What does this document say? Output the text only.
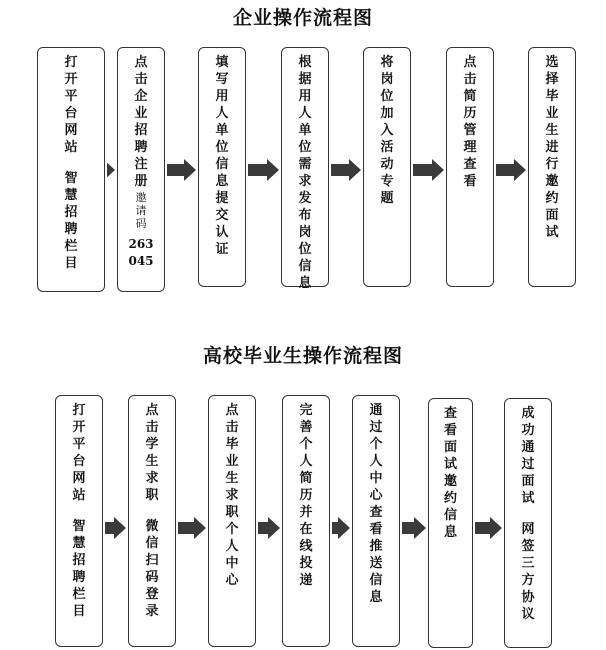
企业操作流程图
打开平台网站
智慧招聘栏目
点击企业招聘注册
邀请码
263
045
填写用人单位信息提交认证
根据用人单位需求发布岗位信息
将岗位加入活动专题
点击简历管理查看
选择毕业生进行邀约面试
高校毕业生操作流程图
打开平台网站
智慧招聘栏目
点击学生求职
微信扫码登录
点击毕业生求职个人中心
完善个人简历并在线投递
通过个人中心查看推送信息
查看面试邀约信息
成功通过面试
网签三方协议
